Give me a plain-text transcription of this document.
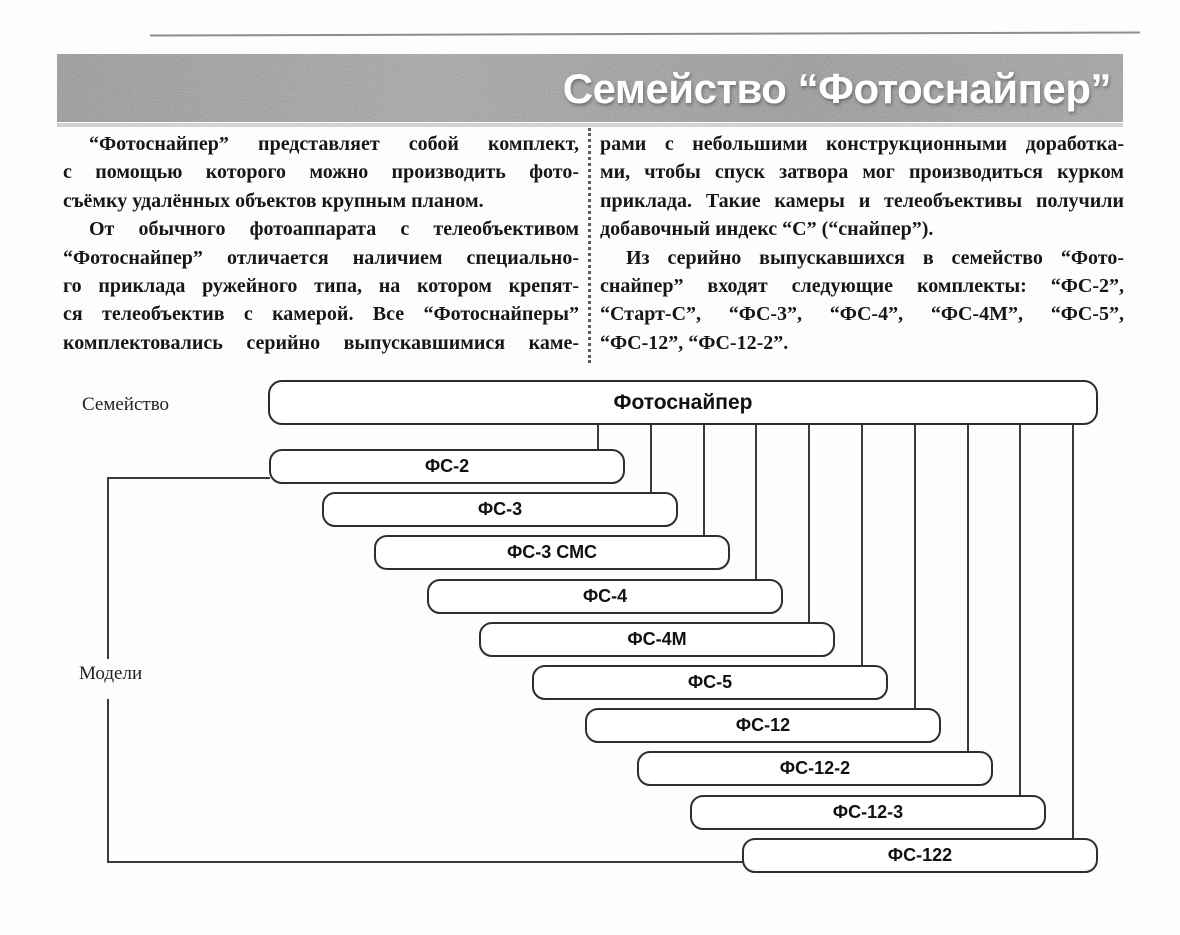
Семейство “Фотоснайпер”
“Фотоснайпер” представляет собой комплект,
с помощью которого можно производить фото-
съёмку удалённых объектов крупным планом.
От обычного фотоаппарата с телеобъективом
“Фотоснайпер” отличается наличием специально-
го приклада ружейного типа, на котором крепят-
ся телеобъектив с камерой. Все “Фотоснайперы”
комплектовались серийно выпускавшимися каме-
рами с небольшими конструкционными доработка-
ми, чтобы спуск затвора мог производиться курком
приклада. Такие камеры и телеобъективы получили
добавочный индекс “С” (“снайпер”).
Из серийно выпускавшихся в семейство “Фото-
снайпер” входят следующие комплекты: “ФС-2”,
“Старт-С”, “ФС-3”, “ФС-4”, “ФС-4М”, “ФС-5”,
“ФС-12”, “ФС-12-2”.
Семейство
Модели
Фотоснайпер
ФС-2
ФС-3
ФС-3 СМС
ФС-4
ФС-4М
ФС-5
ФС-12
ФС-12-2
ФС-12-3
ФС-122
